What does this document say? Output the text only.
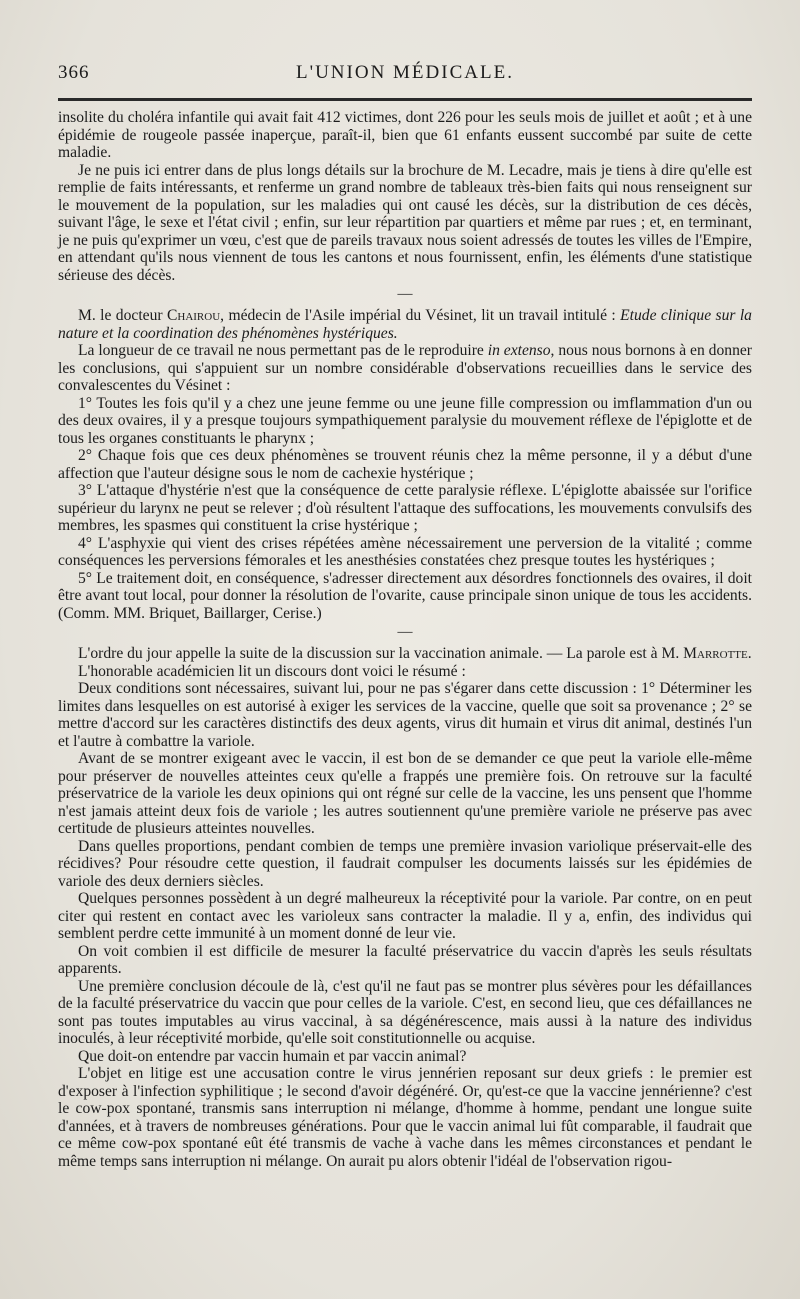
366	L'UNION MÉDICALE.

insolite du choléra infantile qui avait fait 412 victimes, dont 226 pour les seuls mois de juillet et août ; et à une épidémie de rougeole passée inaperçue, paraît-il, bien que 61 enfants eussent succombé par suite de cette maladie.

Je ne puis ici entrer dans de plus longs détails sur la brochure de M. Lecadre, mais je tiens à dire qu'elle est remplie de faits intéressants, et renferme un grand nombre de tableaux très-bien faits qui nous renseignent sur le mouvement de la population, sur les maladies qui ont causé les décès, sur la distribution de ces décès, suivant l'âge, le sexe et l'état civil ; enfin, sur leur répartition par quartiers et même par rues ; et, en terminant, je ne puis qu'exprimer un vœu, c'est que de pareils travaux nous soient adressés de toutes les villes de l'Empire, en attendant qu'ils nous viennent de tous les cantons et nous fournissent, enfin, les éléments d'une statistique sérieuse des décès.

—

M. le docteur Chairou, médecin de l'Asile impérial du Vésinet, lit un travail intitulé : Etude clinique sur la nature et la coordination des phénomènes hystériques.

La longueur de ce travail ne nous permettant pas de le reproduire in extenso, nous nous bornons à en donner les conclusions, qui s'appuient sur un nombre considérable d'observations recueillies dans le service des convalescentes du Vésinet :

1° Toutes les fois qu'il y a chez une jeune femme ou une jeune fille compression ou imflammation d'un ou des deux ovaires, il y a presque toujours sympathiquement paralysie du mouvement réflexe de l'épiglotte et de tous les organes constituants le pharynx ;

2° Chaque fois que ces deux phénomènes se trouvent réunis chez la même personne, il y a début d'une affection que l'auteur désigne sous le nom de cachexie hystérique ;

3° L'attaque d'hystérie n'est que la conséquence de cette paralysie réflexe. L'épiglotte abaissée sur l'orifice supérieur du larynx ne peut se relever ; d'où résultent l'attaque des suffocations, les mouvements convulsifs des membres, les spasmes qui constituent la crise hystérique ;

4° L'asphyxie qui vient des crises répétées amène nécessairement une perversion de la vitalité ; comme conséquences les perversions fémorales et les anesthésies constatées chez presque toutes les hystériques ;

5° Le traitement doit, en conséquence, s'adresser directement aux désordres fonctionnels des ovaires, il doit être avant tout local, pour donner la résolution de l'ovarite, cause principale sinon unique de tous les accidents. (Comm. MM. Briquet, Baillarger, Cerise.)

—

L'ordre du jour appelle la suite de la discussion sur la vaccination animale. — La parole est à M. Marrotte.

L'honorable académicien lit un discours dont voici le résumé :

Deux conditions sont nécessaires, suivant lui, pour ne pas s'égarer dans cette discussion : 1° Déterminer les limites dans lesquelles on est autorisé à exiger les services de la vaccine, quelle que soit sa provenance ; 2° se mettre d'accord sur les caractères distinctifs des deux agents, virus dit humain et virus dit animal, destinés l'un et l'autre à combattre la variole.

Avant de se montrer exigeant avec le vaccin, il est bon de se demander ce que peut la variole elle-même pour préserver de nouvelles atteintes ceux qu'elle a frappés une première fois. On retrouve sur la faculté préservatrice de la variole les deux opinions qui ont régné sur celle de la vaccine, les uns pensent que l'homme n'est jamais atteint deux fois de variole ; les autres soutiennent qu'une première variole ne préserve pas avec certitude de plusieurs atteintes nouvelles.

Dans quelles proportions, pendant combien de temps une première invasion variolique préservait-elle des récidives? Pour résoudre cette question, il faudrait compulser les documents laissés sur les épidémies de variole des deux derniers siècles.

Quelques personnes possèdent à un degré malheureux la réceptivité pour la variole. Par contre, on en peut citer qui restent en contact avec les varioleux sans contracter la maladie. Il y a, enfin, des individus qui semblent perdre cette immunité à un moment donné de leur vie.

On voit combien il est difficile de mesurer la faculté préservatrice du vaccin d'après les seuls résultats apparents.

Une première conclusion découle de là, c'est qu'il ne faut pas se montrer plus sévères pour les défaillances de la faculté préservatrice du vaccin que pour celles de la variole. C'est, en second lieu, que ces défaillances ne sont pas toutes imputables au virus vaccinal, à sa dégénérescence, mais aussi à la nature des individus inoculés, à leur réceptivité morbide, qu'elle soit constitutionnelle ou acquise.

Que doit-on entendre par vaccin humain et par vaccin animal?

L'objet en litige est une accusation contre le virus jennérien reposant sur deux griefs : le premier est d'exposer à l'infection syphilitique ; le second d'avoir dégénéré. Or, qu'est-ce que la vaccine jennérienne? c'est le cow-pox spontané, transmis sans interruption ni mélange, d'homme à homme, pendant une longue suite d'années, et à travers de nombreuses générations. Pour que le vaccin animal lui fût comparable, il faudrait que ce même cow-pox spontané eût été transmis de vache à vache dans les mêmes circonstances et pendant le même temps sans interruption ni mélange. On aurait pu alors obtenir l'idéal de l'observation rigou-
